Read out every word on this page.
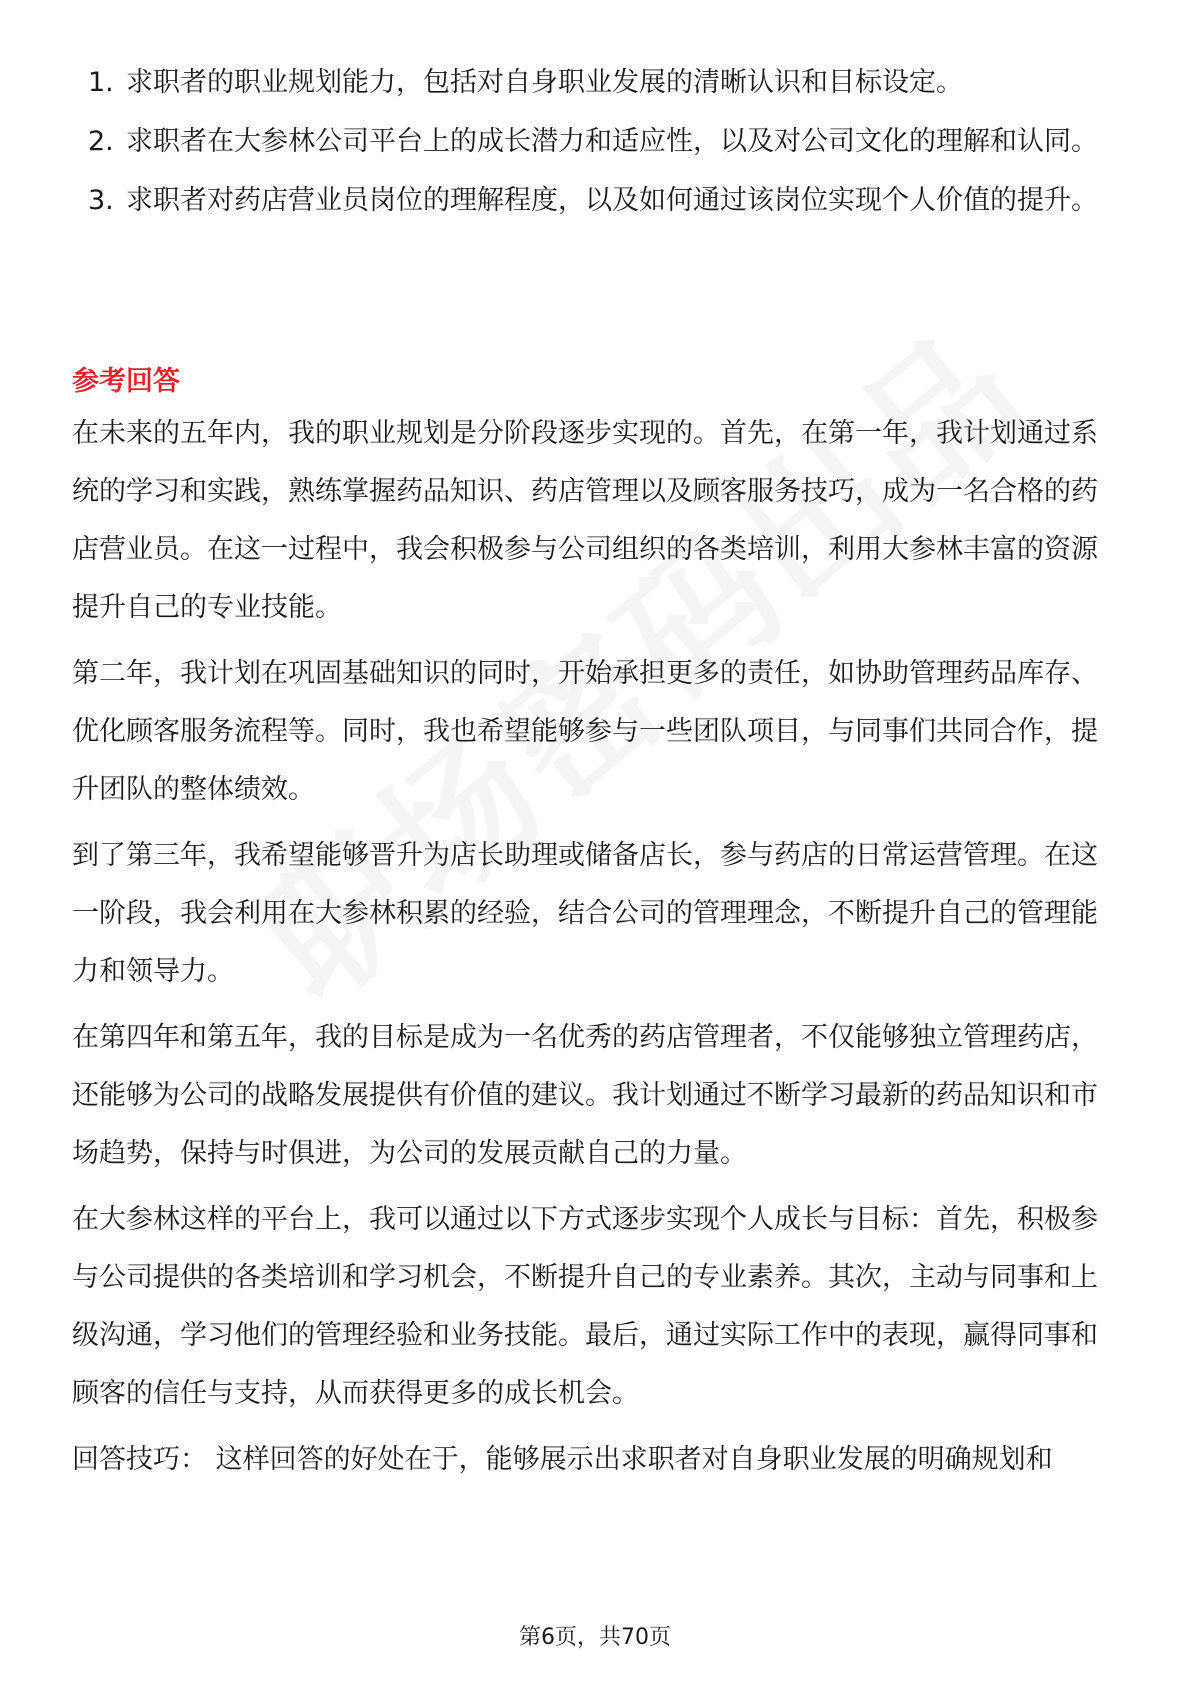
1. 求职者的职业规划能力，包括对自身职业发展的清晰认识和目标设定。
2. 求职者在大参林公司平台上的成长潜力和适应性，以及对公司文化的理解和认同。
3. 求职者对药店营业员岗位的理解程度，以及如何通过该岗位实现个人价值的提升。
参考回答

在未来的五年内，我的职业规划是分阶段逐步实现的。首先，在第一年，我计划通过系统的学习和实践，熟练掌握药品知识、药店管理以及顾客服务技巧，成为一名合格的药店营业员。在这一过程中，我会积极参与公司组织的各类培训，利用大参林丰富的资源提升自己的专业技能。

第二年，我计划在巩固基础知识的同时，开始承担更多的责任，如协助管理药品库存、优化顾客服务流程等。同时，我也希望能够参与一些团队项目，与同事们共同合作，提升团队的整体绩效。

到了第三年，我希望能够晋升为店长助理或储备店长，参与药店的日常运营管理。在这一阶段，我会利用在大参林积累的经验，结合公司的管理理念，不断提升自己的管理能力和领导力。

在第四年和第五年，我的目标是成为一名优秀的药店管理者，不仅能够独立管理药店，还能够为公司的战略发展提供有价值的建议。我计划通过不断学习最新的药品知识和市场趋势，保持与时俱进，为公司的发展贡献自己的力量。

在大参林这样的平台上，我可以通过以下方式逐步实现个人成长与目标：首先，积极参与公司提供的各类培训和学习机会，不断提升自己的专业素养。其次，主动与同事和上级沟通，学习他们的管理经验和业务技能。最后，通过实际工作中的表现，赢得同事和顾客的信任与支持，从而获得更多的成长机会。

回答技巧： 这样回答的好处在于，能够展示出求职者对自身职业发展的明确规划和

第6页，共70页
